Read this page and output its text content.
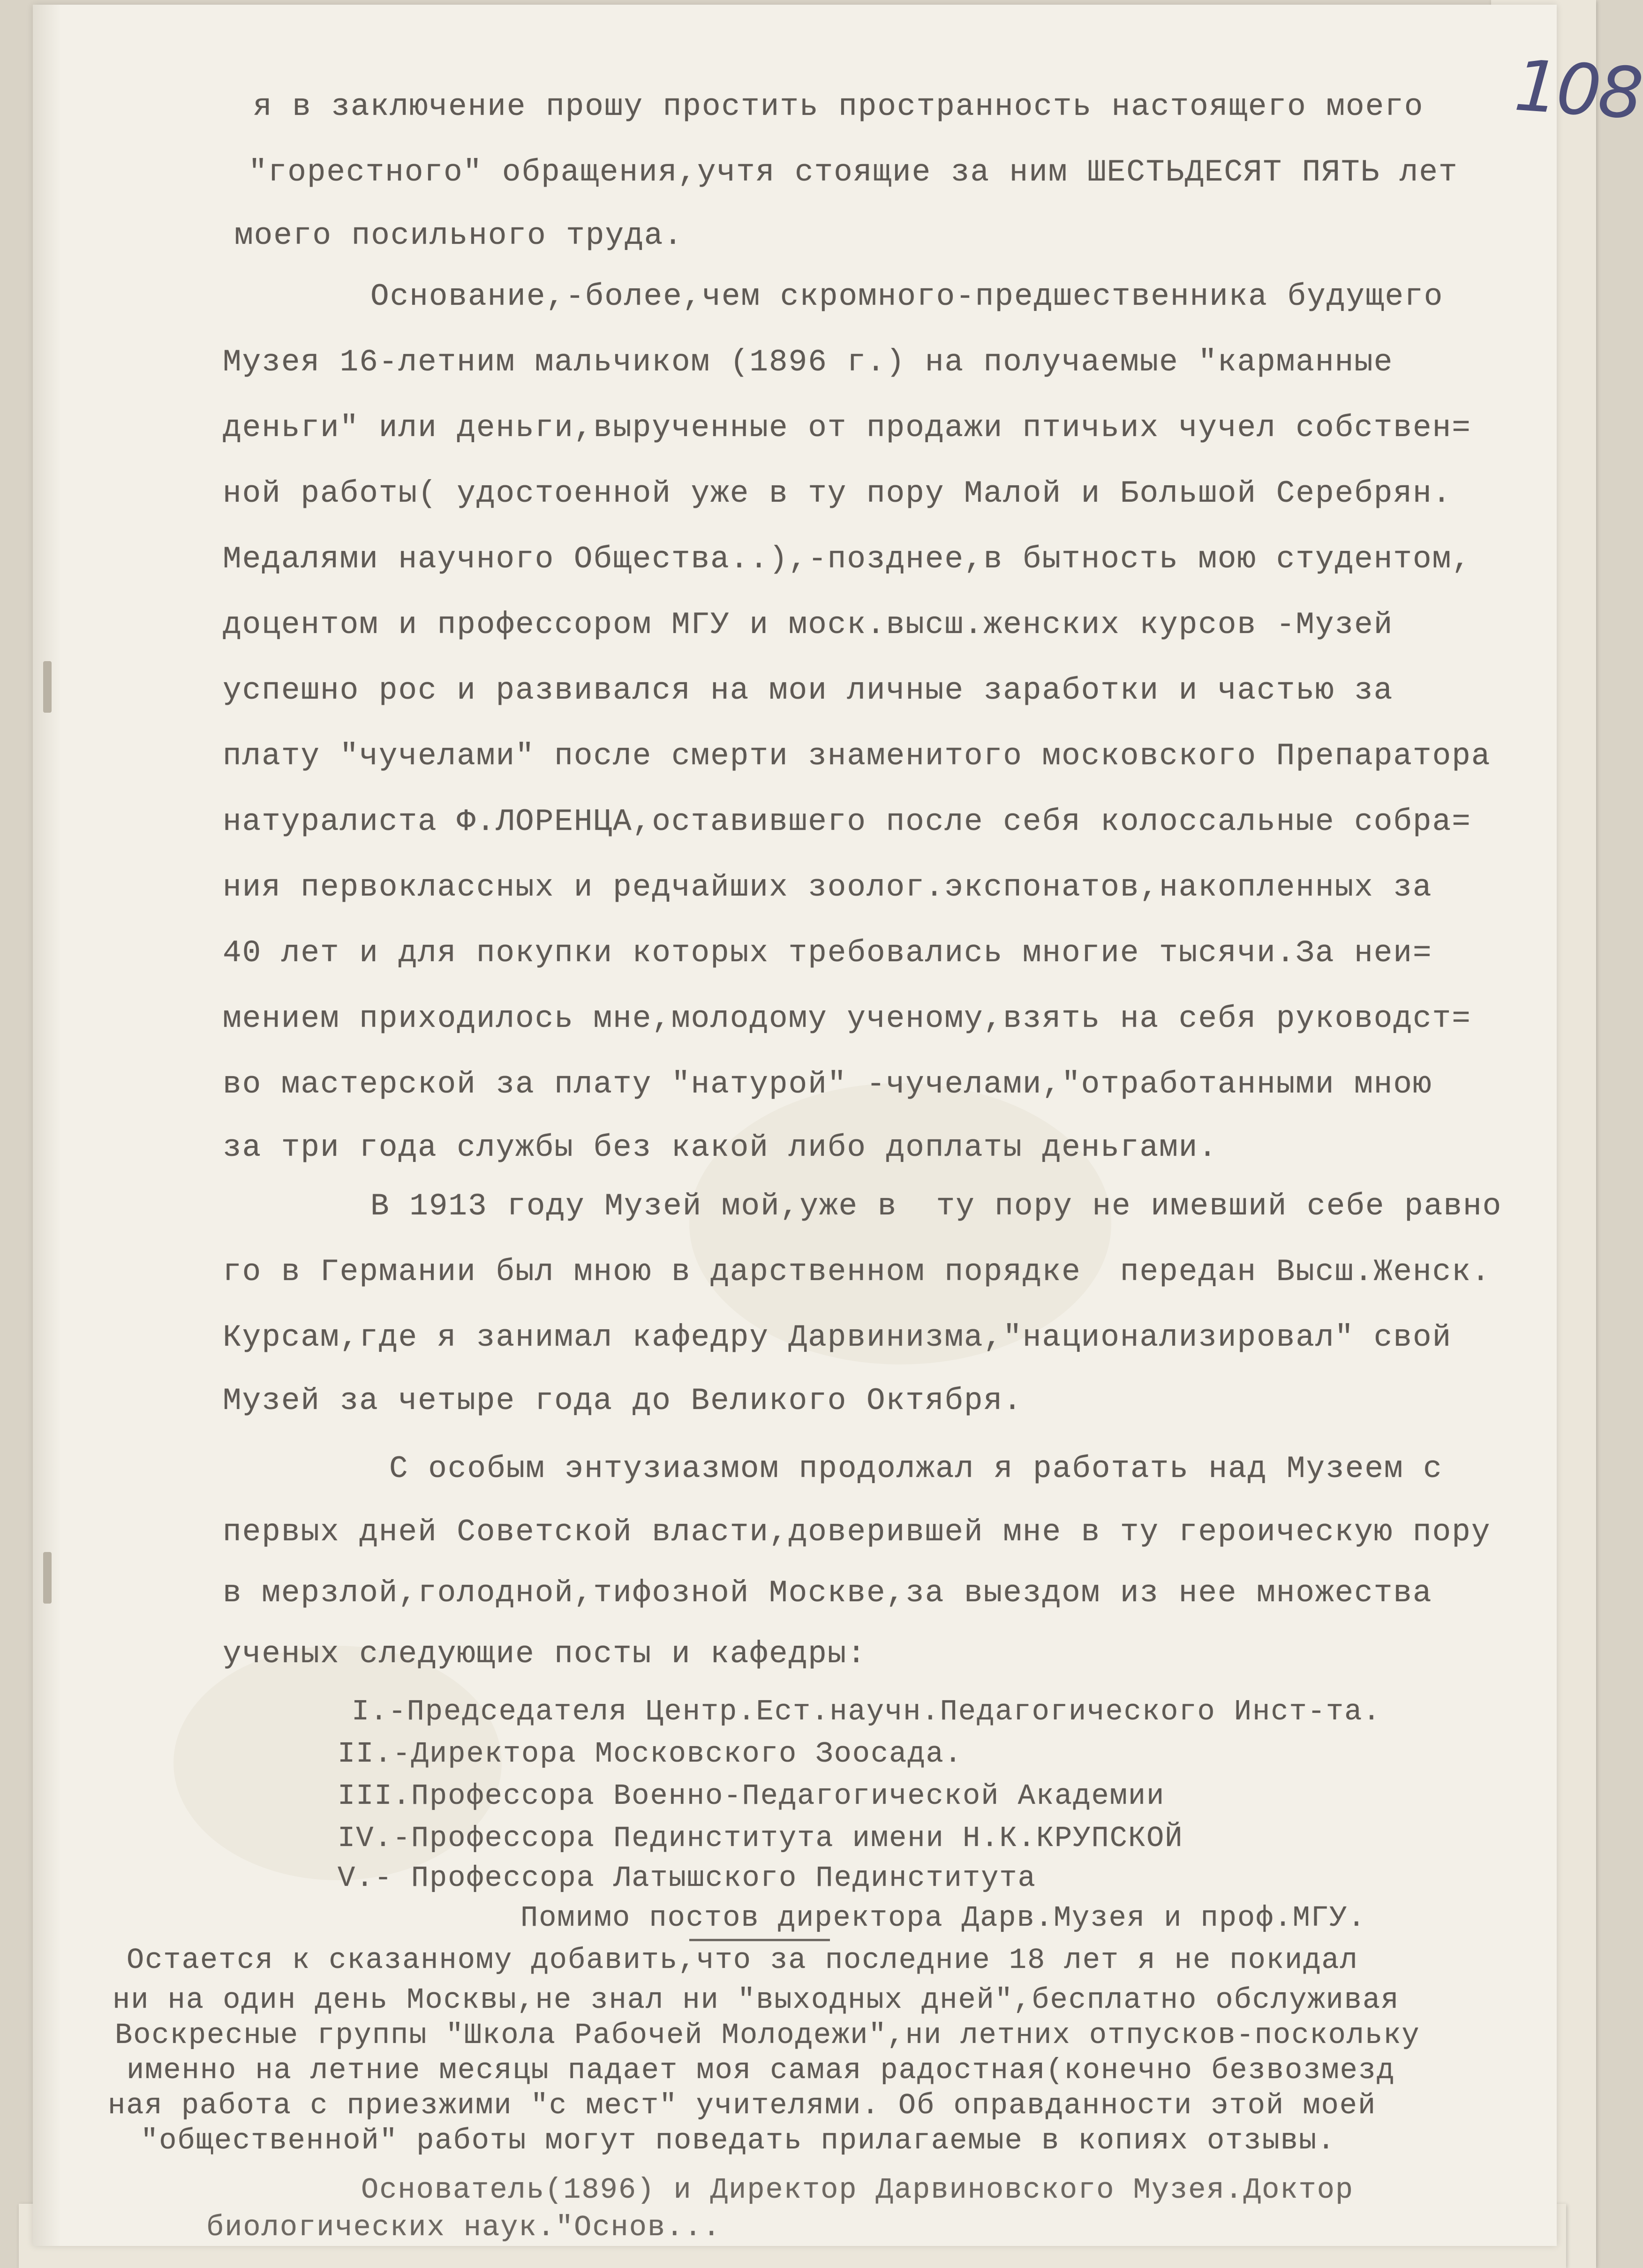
108
я в заключение прошу простить пространность настоящего моего
"горестного" обращения,учтя стоящие за ним ШЕСТЬДЕСЯТ ПЯТЬ лет
моего посильного труда.
Основание,-более,чем скромного-предшественника будущего
Музея 16-летним мальчиком (1896 г.) на получаемые "карманные
деньги" или деньги,вырученные от продажи птичьих чучел собствен=
ной работы( удостоенной уже в ту пору Малой и Большой Серебрян.
Медалями научного Общества..),-позднее,в бытность мою студентом,
доцентом и профессором МГУ и моск.высш.женских курсов -Музей
успешно рос и развивался на мои личные заработки и частью за
плату "чучелами" после смерти знаменитого московского Препаратора
натуралиста Ф.ЛОРЕНЦА,оставившего после себя колоссальные собра=
ния первоклассных и редчайших зоолог.экспонатов,накопленных за
40 лет и для покупки которых требовались многие тысячи.За неи=
мением приходилось мне,молодому ученому,взять на себя руководст=
во мастерской за плату "натурой" -чучелами,"отработанными мною
за три года службы без какой либо доплаты деньгами.
В 1913 году Музей мой,уже в  ту пору не имевший себе равно
го в Германии был мною в дарственном порядке  передан Высш.Женск.
Курсам,где я занимал кафедру Дарвинизма,"национализировал" свой
Музей за четыре года до Великого Октября.
С особым энтузиазмом продолжал я работать над Музеем с
первых дней Советской власти,доверившей мне в ту героическую пору
в мерзлой,голодной,тифозной Москве,за выездом из нее множества
ученых следующие посты и кафедры:
I.-Председателя Центр.Ест.научн.Педагогического Инст-та.
II.-Директора Московского Зоосада.
III.Профессора Военно-Педагогической Академии
IV.-Профессора Пединститута имени Н.К.КРУПСКОЙ
V.- Профессора Латышского Пединститута
Помимо постов директора Дарв.Музея и проф.МГУ.
Остается к сказанному добавить,что за последние 18 лет я не покидал
ни на один день Москвы,не знал ни "выходных дней",бесплатно обслуживая
Воскресные группы "Школа Рабочей Молодежи",ни летних отпусков-поскольку
именно на летние месяцы падает моя самая радостная(конечно безвозмезд
ная работа с приезжими "с мест" учителями. Об оправданности этой моей
"общественной" работы могут поведать прилагаемые в копиях отзывы.
Основатель(1896) и Директор Дарвиновского Музея.Доктор
биологических наук."Основ...
